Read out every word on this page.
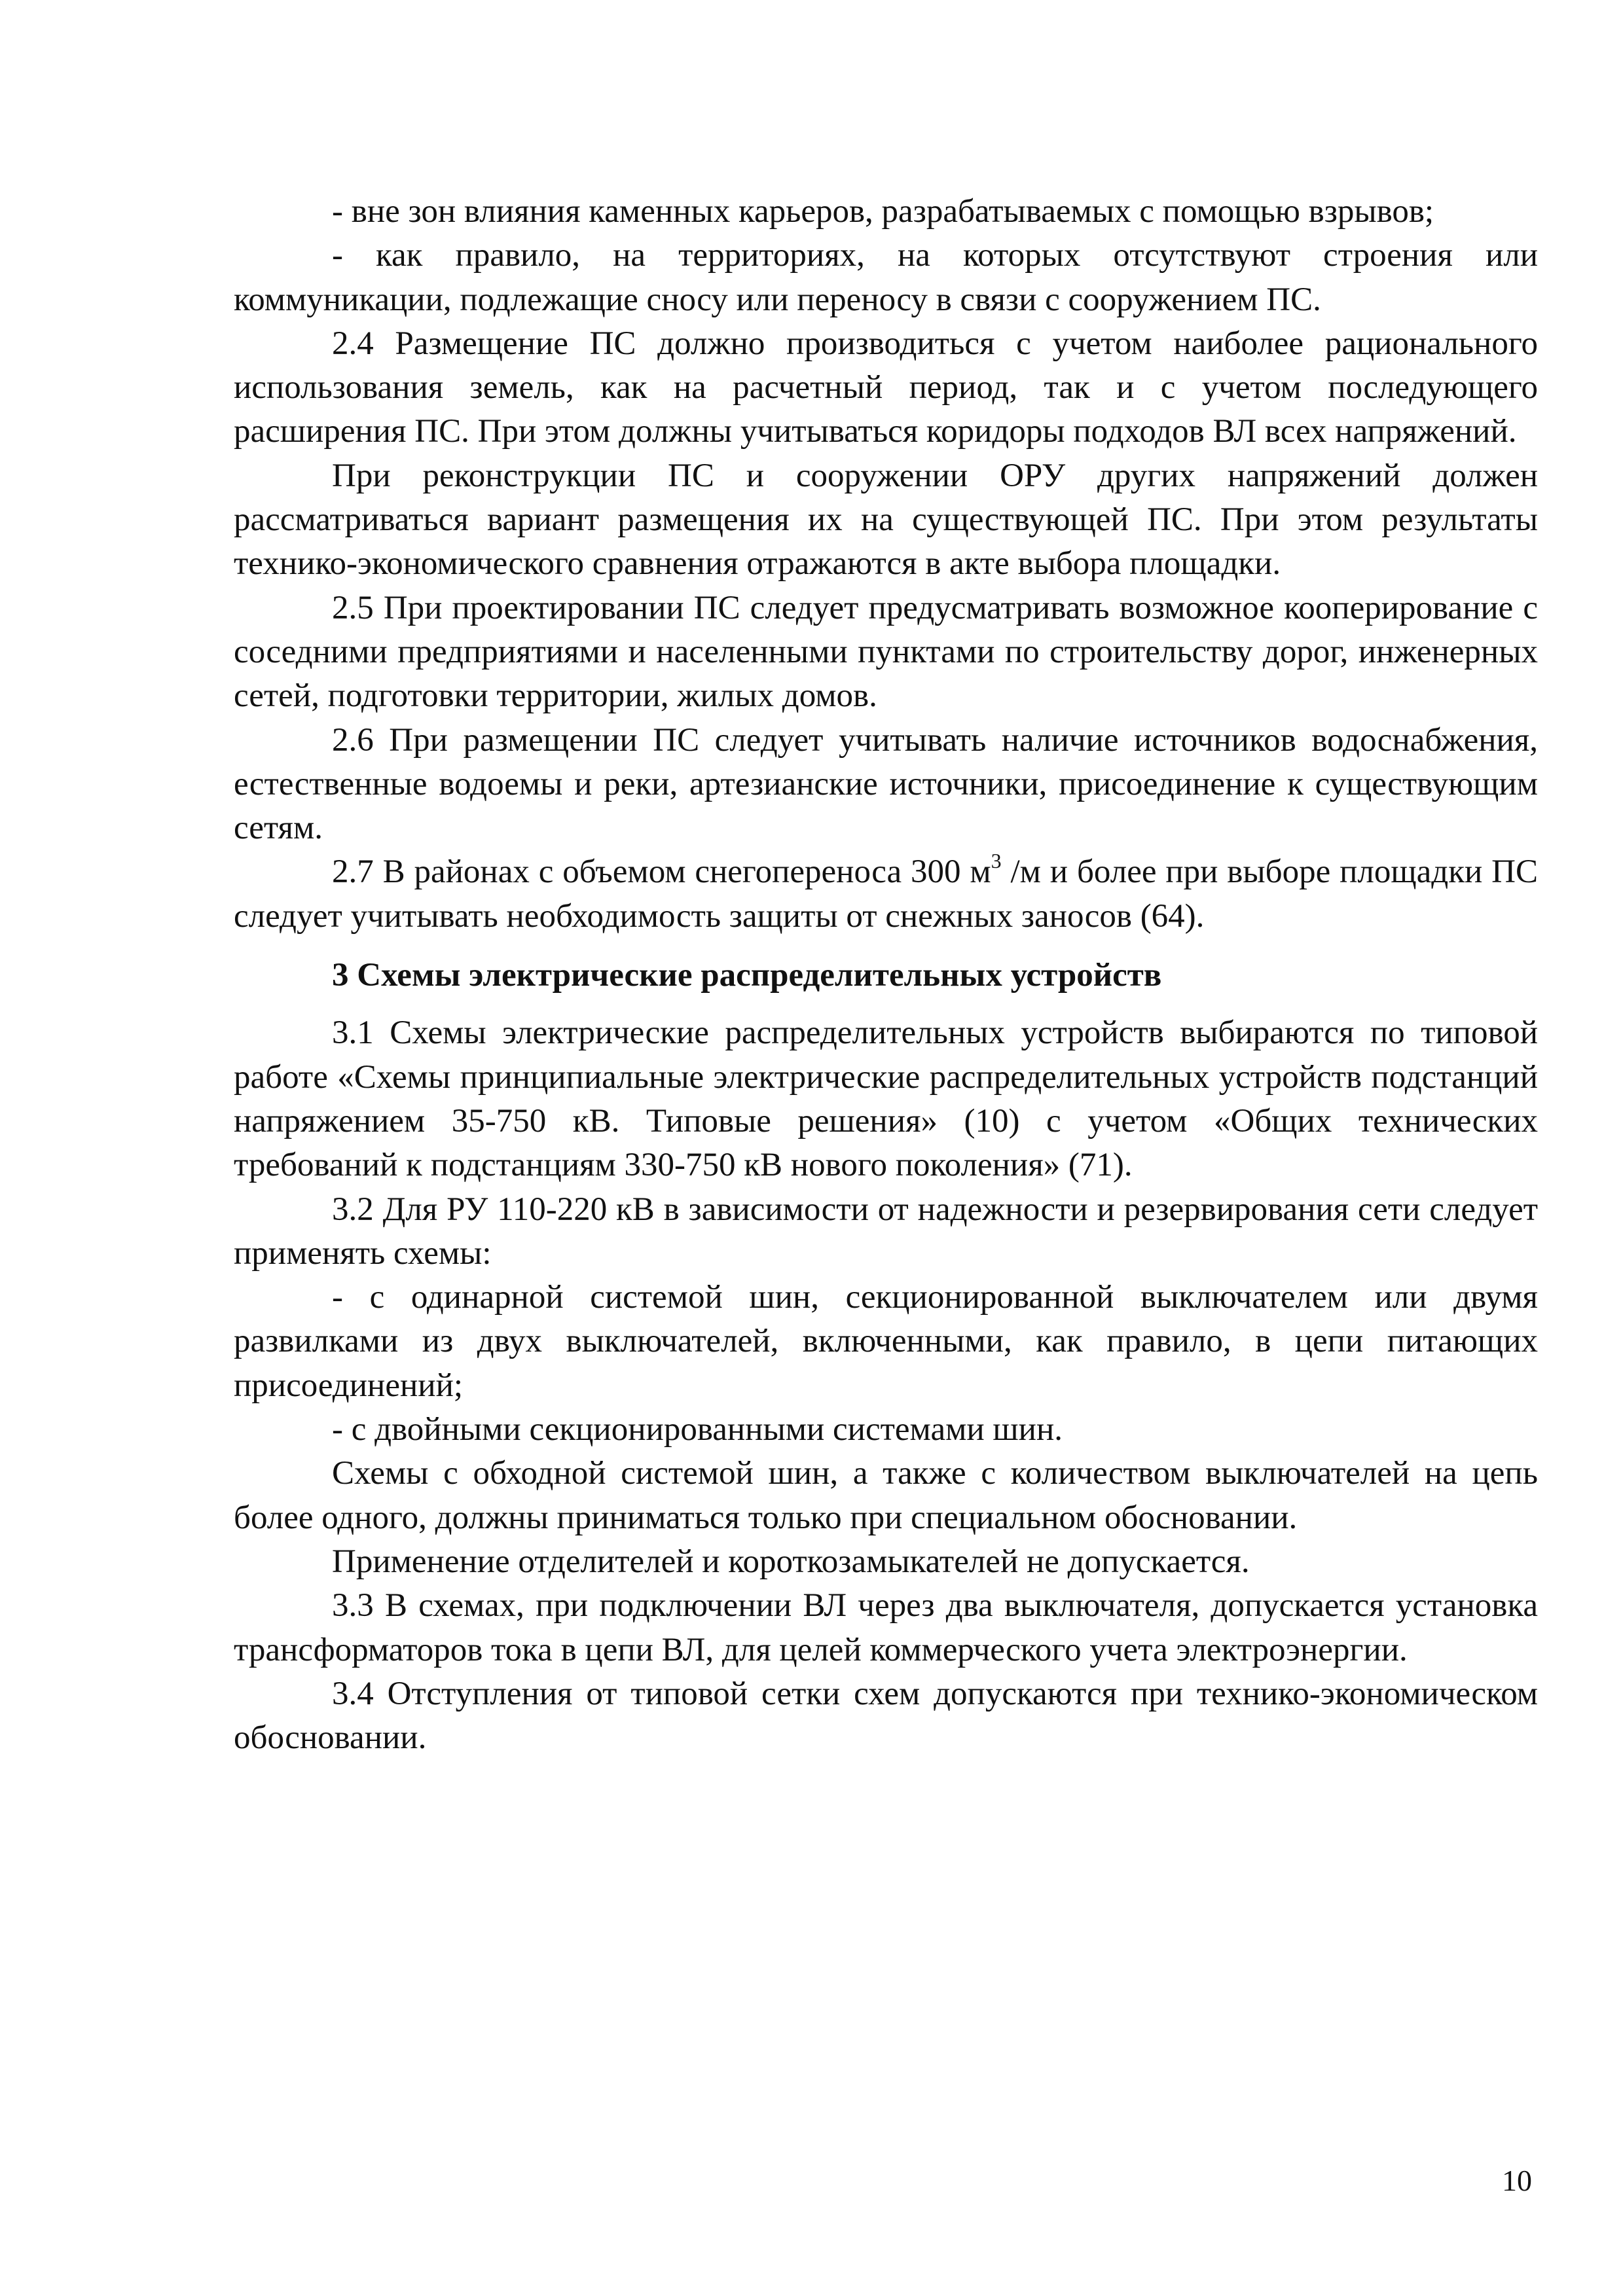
- вне зон влияния каменных карьеров, разрабатываемых с помощью взрывов;

- как правило, на территориях, на которых отсутствуют строения или коммуникации, подлежащие сносу или переносу в связи с сооружением ПС.

2.4 Размещение ПС должно производиться с учетом наиболее рационального использования земель, как на расчетный период, так и с учетом последующего расширения ПС. При этом должны учитываться коридоры подходов ВЛ всех напряжений.

При реконструкции ПС и сооружении ОРУ других напряжений должен рассматриваться вариант размещения их на существующей ПС. При этом результаты технико-экономического сравнения отражаются в акте выбора площадки.

2.5 При проектировании ПС следует предусматривать возможное кооперирование с соседними предприятиями и населенными пунктами по строительству дорог, инженерных сетей, подготовки территории, жилых домов.

2.6 При размещении ПС следует учитывать наличие источников водоснабжения, естественные водоемы и реки, артезианские источники, присоединение к существующим сетям.

2.7 В районах с объемом снегопереноса 300 $м^3$ /м и более при выборе площадки ПС следует учитывать необходимость защиты от снежных заносов (64).

3 Схемы электрические распределительных устройств

3.1 Схемы электрические распределительных устройств выбираются по типовой работе «Схемы принципиальные электрические распределительных устройств подстанций напряжением 35-750 кВ. Типовые решения» (10) с учетом «Общих технических требований к подстанциям 330-750 кВ нового поколения» (71).

3.2 Для РУ 110-220 кВ в зависимости от надежности и резервирования сети следует применять схемы:

- с одинарной системой шин, секционированной выключателем или двумя развилками из двух выключателей, включенными, как правило, в цепи питающих присоединений;

- с двойными секционированными системами шин.

Схемы с обходной системой шин, а также с количеством выключателей на цепь более одного, должны приниматься только при специальном обосновании.

Применение отделителей и короткозамыкателей не допускается.

3.3 В схемах, при подключении ВЛ через два выключателя, допускается установка трансформаторов тока в цепи ВЛ, для целей коммерческого учета электроэнергии.

3.4 Отступления от типовой сетки схем допускаются при технико-экономическом обосновании.

10
